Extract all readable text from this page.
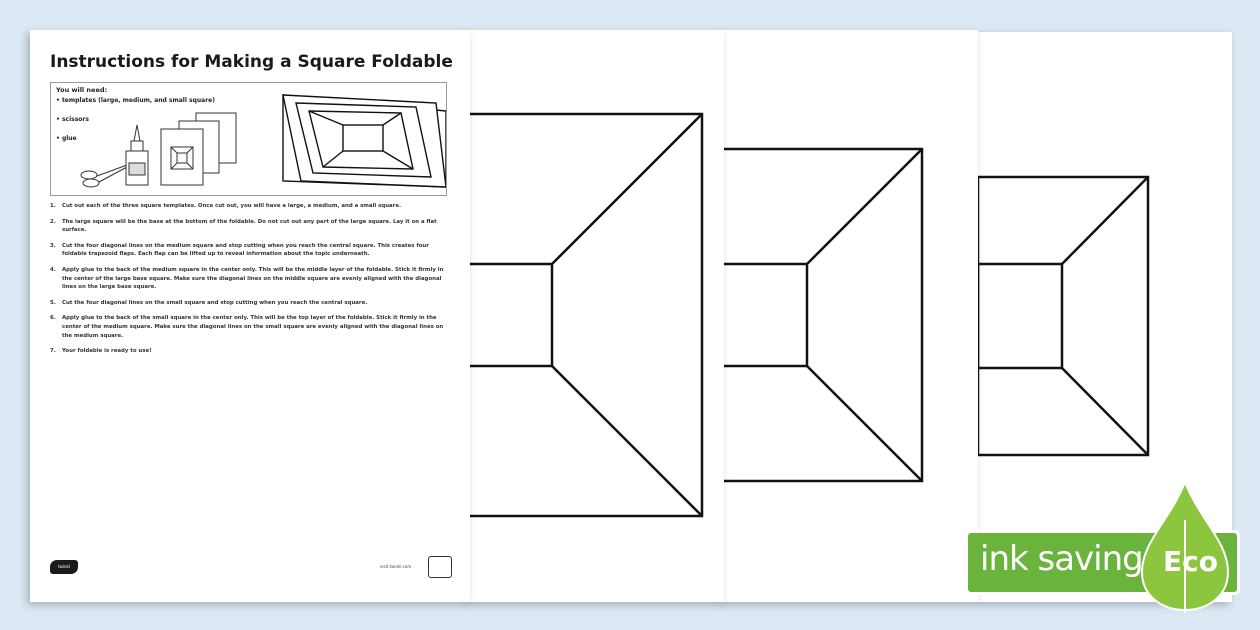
Instructions for Making a Square Foldable
You will need:
• templates (large, medium, and small square)
• scissors
• glue
1. Cut out each of the three square templates. Once cut out, you will have a large, a medium, and a small square.
2. The large square will be the base at the bottom of the foldable. Do not cut out any part of the large square. Lay it on a flat surface.
3. Cut the four diagonal lines on the medium square and stop cutting when you reach the central square. This creates four foldable trapezoid flaps. Each flap can be lifted up to reveal information about the topic underneath.
4. Apply glue to the back of the medium square in the center only. This will be the middle layer of the foldable. Stick it firmly in the center of the large base square. Make sure the diagonal lines on the middle square are evenly aligned with the diagonal lines on the large base square.
5. Cut the four diagonal lines on the small square and stop cutting when you reach the central square.
6. Apply glue to the back of the small square in the center only. This will be the top layer of the foldable. Stick it firmly in the center of the medium square. Make sure the diagonal lines on the small square are evenly aligned with the diagonal lines on the medium square.
7. Your foldable is ready to use!
twinkl	visit twinkl.com	ink saving Eco
